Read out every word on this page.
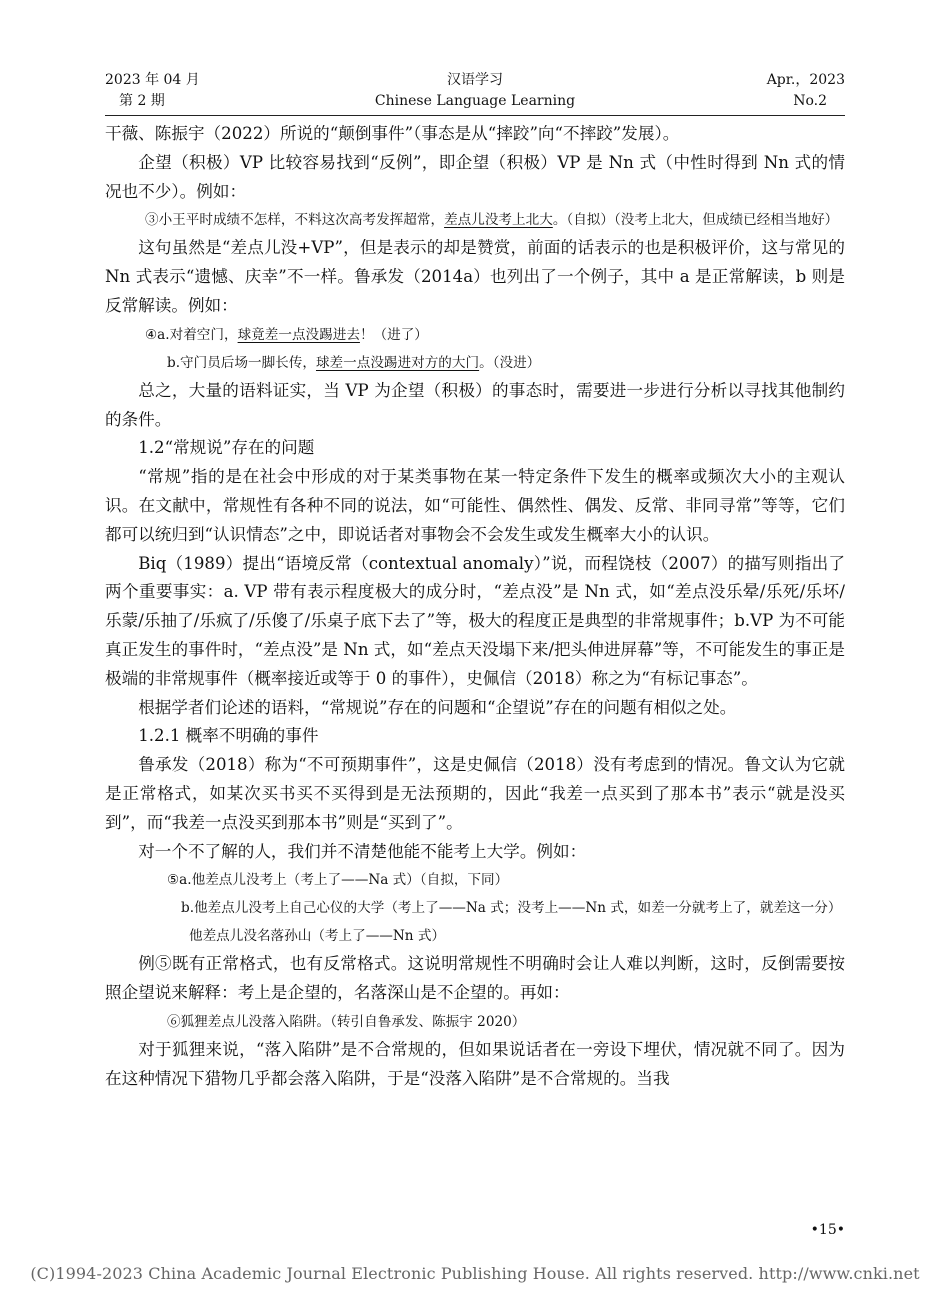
2023 年 04 月
第 2 期
汉语学习
Chinese Language Learning
Apr.，2023
No.2

干薇、陈振宇（2022）所说的“颠倒事件”（事态是从“摔跤”向“不摔跤”发展）。

企望（积极）VP 比较容易找到“反例”，即企望（积极）VP 是 Nn 式（中性时得到 Nn 式的情况也不少）。例如：

③小王平时成绩不怎样，不料这次高考发挥超常，差点儿没考上北大。（自拟）（没考上北大，但成绩已经相当地好）

这句虽然是“差点儿没+VP”，但是表示的却是赞赏，前面的话表示的也是积极评价，这与常见的 Nn 式表示“遗憾、庆幸”不一样。鲁承发（2014a）也列出了一个例子，其中 a 是正常解读，b 则是反常解读。例如：

④a.对着空门，球竟差一点没踢进去！（进了）

b.守门员后场一脚长传，球差一点没踢进对方的大门。（没进）

总之，大量的语料证实，当 VP 为企望（积极）的事态时，需要进一步进行分析以寻找其他制约的条件。

1.2“常规说”存在的问题

“常规”指的是在社会中形成的对于某类事物在某一特定条件下发生的概率或频次大小的主观认识。在文献中，常规性有各种不同的说法，如“可能性、偶然性、偶发、反常、非同寻常”等等，它们都可以统归到“认识情态”之中，即说话者对事物会不会发生或发生概率大小的认识。

Biq（1989）提出“语境反常（contextual anomaly）”说，而程饶枝（2007）的描写则指出了两个重要事实：a. VP 带有表示程度极大的成分时，“差点没”是 Nn 式，如“差点没乐晕/乐死/乐坏/乐蒙/乐抽了/乐疯了/乐傻了/乐桌子底下去了”等，极大的程度正是典型的非常规事件；b.VP 为不可能真正发生的事件时，“差点没”是 Nn 式，如“差点天没塌下来/把头伸进屏幕”等，不可能发生的事正是极端的非常规事件（概率接近或等于 0 的事件），史佩信（2018）称之为“有标记事态”。

根据学者们论述的语料，“常规说”存在的问题和“企望说”存在的问题有相似之处。

1.2.1 概率不明确的事件

鲁承发（2018）称为“不可预期事件”，这是史佩信（2018）没有考虑到的情况。鲁文认为它就是正常格式，如某次买书买不买得到是无法预期的，因此“我差一点买到了那本书”表示“就是没买到”，而“我差一点没买到那本书”则是“买到了”。

对一个不了解的人，我们并不清楚他能不能考上大学。例如：

⑤a.他差点儿没考上（考上了——Na 式）（自拟，下同）

b.他差点儿没考上自己心仪的大学（考上了——Na 式；没考上——Nn 式，如差一分就考上了，就差这一分）

他差点儿没名落孙山（考上了——Nn 式）

例⑤既有正常格式，也有反常格式。这说明常规性不明确时会让人难以判断，这时，反倒需要按照企望说来解释：考上是企望的，名落深山是不企望的。再如：

⑥狐狸差点儿没落入陷阱。（转引自鲁承发、陈振宇 2020）

对于狐狸来说，“落入陷阱”是不合常规的，但如果说话者在一旁设下埋伏，情况就不同了。因为在这种情况下猎物几乎都会落入陷阱，于是“没落入陷阱”是不合常规的。当我

•15•
(C)1994-2023 China Academic Journal Electronic Publishing House. All rights reserved. http://www.cnki.net
